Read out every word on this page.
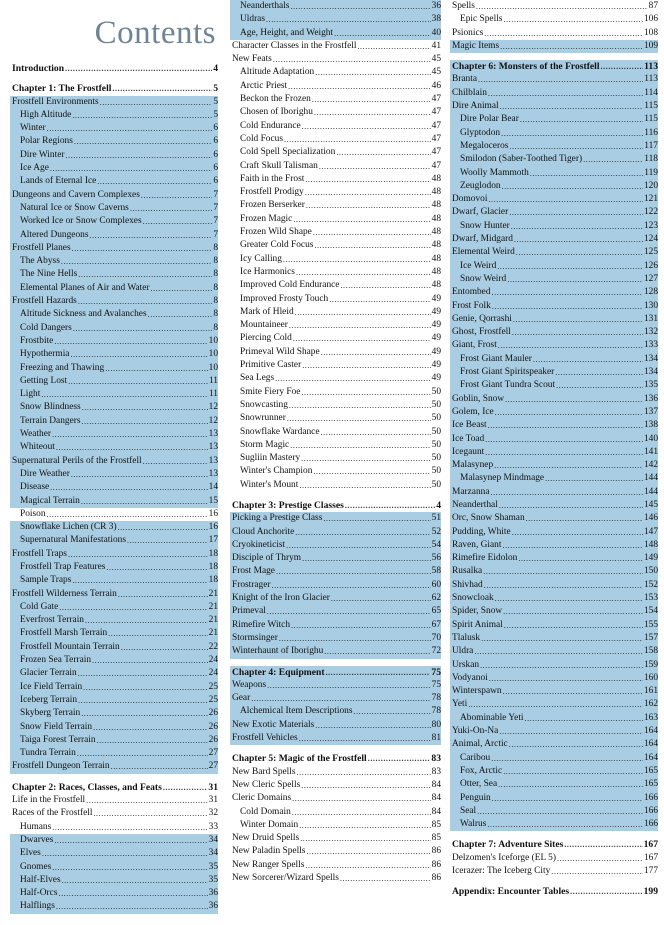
Contents
Introduction .....	4
Chapter 1: The Frostfell .....	5
Frostfell Environments .....	5
High Altitude .....	5
Winter .....	6
Polar Regions .....	6
Dire Winter .....	6
Ice Age .....	6
Lands of Eternal Ice .....	6
Dungeons and Cavern Complexes .....	7
Natural Ice or Snow Caverns .....	7
Worked Ice or Snow Complexes .....	7
Altered Dungeons .....	7
Frostfell Planes .....	8
The Abyss .....	8
The Nine Hells .....	8
Elemental Planes of Air and Water .....	8
Frostfell Hazards .....	8
Altitude Sickness and Avalanches .....	8
Cold Dangers .....	8
Frostbite .....	10
Hypothermia .....	10
Freezing and Thawing .....	10
Getting Lost .....	11
Light .....	11
Snow Blindness .....	12
Terrain Dangers .....	12
Weather .....	13
Whiteout .....	13
Supernatural Perils of the Frostfell .....	13
Dire Weather .....	13
Disease .....	14
Magical Terrain .....	15
Poison .....	16
Snowflake Lichen (CR 3) .....	16
Supernatural Manifestations .....	17
Frostfell Traps .....	18
Frostfell Trap Features .....	18
Sample Traps .....	18
Frostfell Wilderness Terrain .....	21
Cold Gate .....	21
Everfrost Terrain .....	21
Frostfell Marsh Terrain .....	21
Frostfell Mountain Terrain .....	22
Frozen Sea Terrain .....	24
Glacier Terrain .....	24
Ice Field Terrain .....	25
Iceberg Terrain .....	25
Skyberg Terrain .....	26
Snow Field Terrain .....	26
Taiga Forest Terrain .....	26
Tundra Terrain .....	27
Frostfell Dungeon Terrain .....	27
Chapter 2: Races, Classes, and Feats .....	31
Life in the Frostfell .....	31
Races of the Frostfell .....	32
Humans .....	33
Dwarves .....	34
Elves .....	34
Gnomes .....	35
Half-Elves .....	35
Half-Orcs .....	36
Halflings .....	36
Neanderthals .....	36
Uldras .....	38
Age, Height, and Weight .....	40
Character Classes in the Frostfell .....	41
New Feats .....	45
Altitude Adaptation .....	45
Arctic Priest .....	46
Beckon the Frozen .....	47
Chosen of Iborighu .....	47
Cold Endurance .....	47
Cold Focus .....	47
Cold Spell Specialization .....	47
Craft Skull Talisman .....	47
Faith in the Frost .....	48
Frostfell Prodigy .....	48
Frozen Berserker .....	48
Frozen Magic .....	48
Frozen Wild Shape .....	48
Greater Cold Focus .....	48
Icy Calling .....	48
Ice Harmonics .....	48
Improved Cold Endurance .....	48
Improved Frosty Touch .....	49
Mark of Hleid .....	49
Mountaineer .....	49
Piercing Cold .....	49
Primeval Wild Shape .....	49
Primitive Caster .....	49
Sea Legs .....	49
Smite Fiery Foe .....	50
Snowcasting .....	50
Snowrunner .....	50
Snowflake Wardance .....	50
Storm Magic .....	50
Sugliin Mastery .....	50
Winter's Champion .....	50
Winter's Mount .....	50
Chapter 3: Prestige Classes .....	4
Picking a Prestige Class .....	51
Cloud Anchorite .....	52
Cryokineticist .....	54
Disciple of Thrym .....	56
Frost Mage .....	58
Frostrager .....	60
Knight of the Iron Glacier .....	62
Primeval .....	65
Rimefire Witch .....	67
Stormsinger .....	70
Winterhaunt of Iborighu .....	72
Chapter 4: Equipment .....	75
Weapons .....	75
Gear .....	78
Alchemical Item Descriptions .....	78
New Exotic Materials .....	80
Frostfell Vehicles .....	81
Chapter 5: Magic of the Frostfell .....	83
New Bard Spells .....	83
New Cleric Spells .....	84
Cleric Domains .....	84
Cold Domain .....	84
Winter Domain .....	85
New Druid Spells .....	85
New Paladin Spells .....	86
New Ranger Spells .....	86
New Sorcerer/Wizard Spells .....	86
Spells .....	87
Epic Spells .....	106
Psionics .....	108
Magic Items .....	109
Chapter 6: Monsters of the Frostfell .....	113
Branta .....	113
Chilblain .....	114
Dire Animal .....	115
Dire Polar Bear .....	115
Glyptodon .....	116
Megaloceros .....	117
Smilodon (Saber-Toothed Tiger) .....	118
Woolly Mammoth .....	119
Zeuglodon .....	120
Domovoi .....	121
Dwarf, Glacier .....	122
Snow Hunter .....	123
Dwarf, Midgard .....	124
Elemental Weird .....	125
Ice Weird .....	126
Snow Weird .....	127
Entombed .....	128
Frost Folk .....	130
Genie, Qorrashi .....	131
Ghost, Frostfell .....	132
Giant, Frost .....	133
Frost Giant Mauler .....	134
Frost Giant Spiritspeaker .....	134
Frost Giant Tundra Scout .....	135
Goblin, Snow .....	136
Golem, Ice .....	137
Ice Beast .....	138
Ice Toad .....	140
Icegaunt .....	141
Malasynep .....	142
Malasynep Mindmage .....	144
Marzanna .....	144
Neanderthal .....	145
Orc, Snow Shaman .....	146
Pudding, White .....	147
Raven, Giant .....	148
Rimefire Eidolon .....	149
Rusalka .....	150
Shivhad .....	152
Snowcloak .....	153
Spider, Snow .....	154
Spirit Animal .....	155
Tlalusk .....	157
Uldra .....	158
Urskan .....	159
Vodyanoi .....	160
Winterspawn .....	161
Yeti .....	162
Abominable Yeti .....	163
Yuki-On-Na .....	164
Animal, Arctic .....	164
Caribou .....	164
Fox, Arctic .....	165
Otter, Sea .....	165
Penguin .....	166
Seal .....	166
Walrus .....	166
Chapter 7: Adventure Sites .....	167
Delzomen's Iceforge (EL 5) .....	167
Icerazer: The Iceberg City .....	177
Appendix: Encounter Tables .....	199
